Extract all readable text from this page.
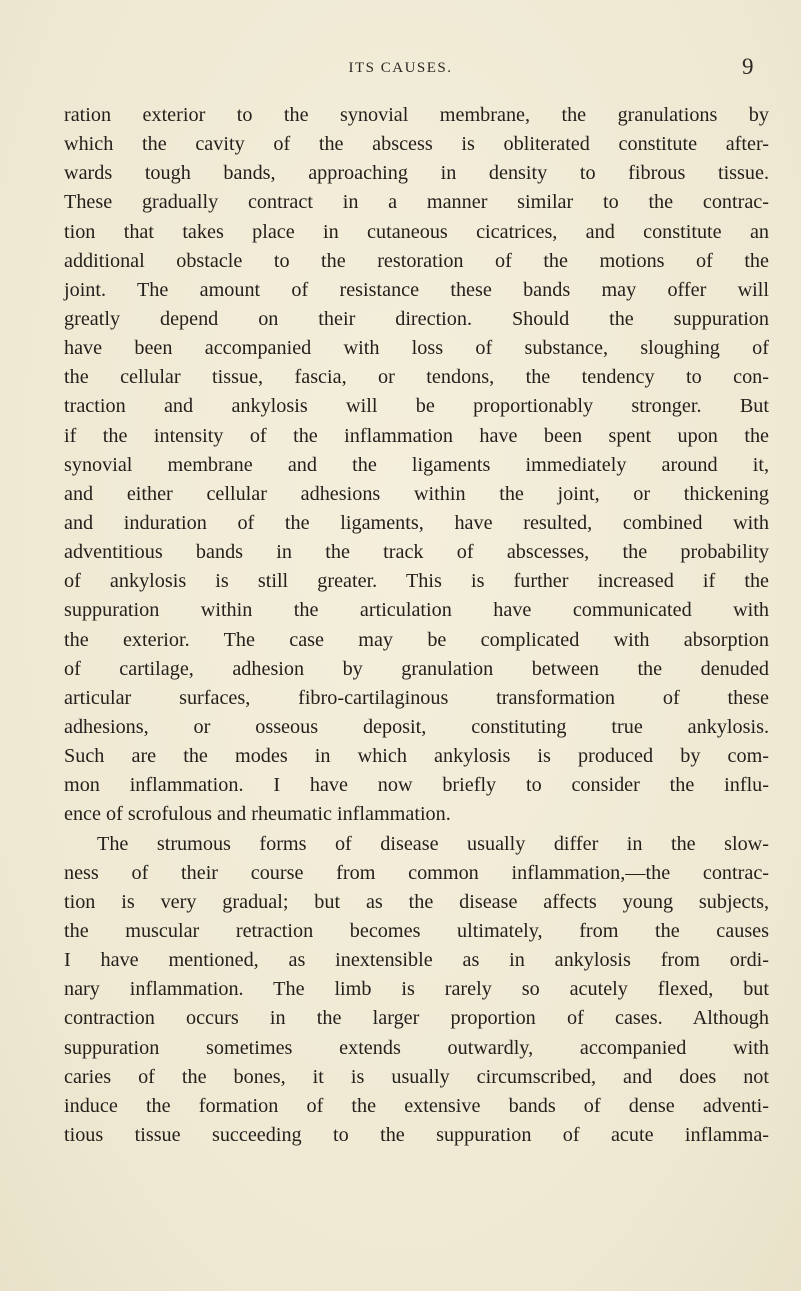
ITS CAUSES.	9
ration exterior to the synovial membrane, the granulations by
which the cavity of the abscess is obliterated constitute after-
wards tough bands, approaching in density to fibrous tissue.
These gradually contract in a manner similar to the contrac-
tion that takes place in cutaneous cicatrices, and constitute an
additional obstacle to the restoration of the motions of the
joint. The amount of resistance these bands may offer will
greatly depend on their direction. Should the suppuration
have been accompanied with loss of substance, sloughing of
the cellular tissue, fascia, or tendons, the tendency to con-
traction and ankylosis will be proportionably stronger. But
if the intensity of the inflammation have been spent upon the
synovial membrane and the ligaments immediately around it,
and either cellular adhesions within the joint, or thickening
and induration of the ligaments, have resulted, combined with
adventitious bands in the track of abscesses, the probability
of ankylosis is still greater. This is further increased if the
suppuration within the articulation have communicated with
the exterior. The case may be complicated with absorption
of cartilage, adhesion by granulation between the denuded
articular surfaces, fibro-cartilaginous transformation of these
adhesions, or osseous deposit, constituting true ankylosis.
Such are the modes in which ankylosis is produced by com-
mon inflammation. I have now briefly to consider the influ-
ence of scrofulous and rheumatic inflammation.
The strumous forms of disease usually differ in the slow-
ness of their course from common inflammation,—the contrac-
tion is very gradual; but as the disease affects young subjects,
the muscular retraction becomes ultimately, from the causes
I have mentioned, as inextensible as in ankylosis from ordi-
nary inflammation. The limb is rarely so acutely flexed, but
contraction occurs in the larger proportion of cases. Although
suppuration sometimes extends outwardly, accompanied with
caries of the bones, it is usually circumscribed, and does not
induce the formation of the extensive bands of dense adventi-
tious tissue succeeding to the suppuration of acute inflamma-
